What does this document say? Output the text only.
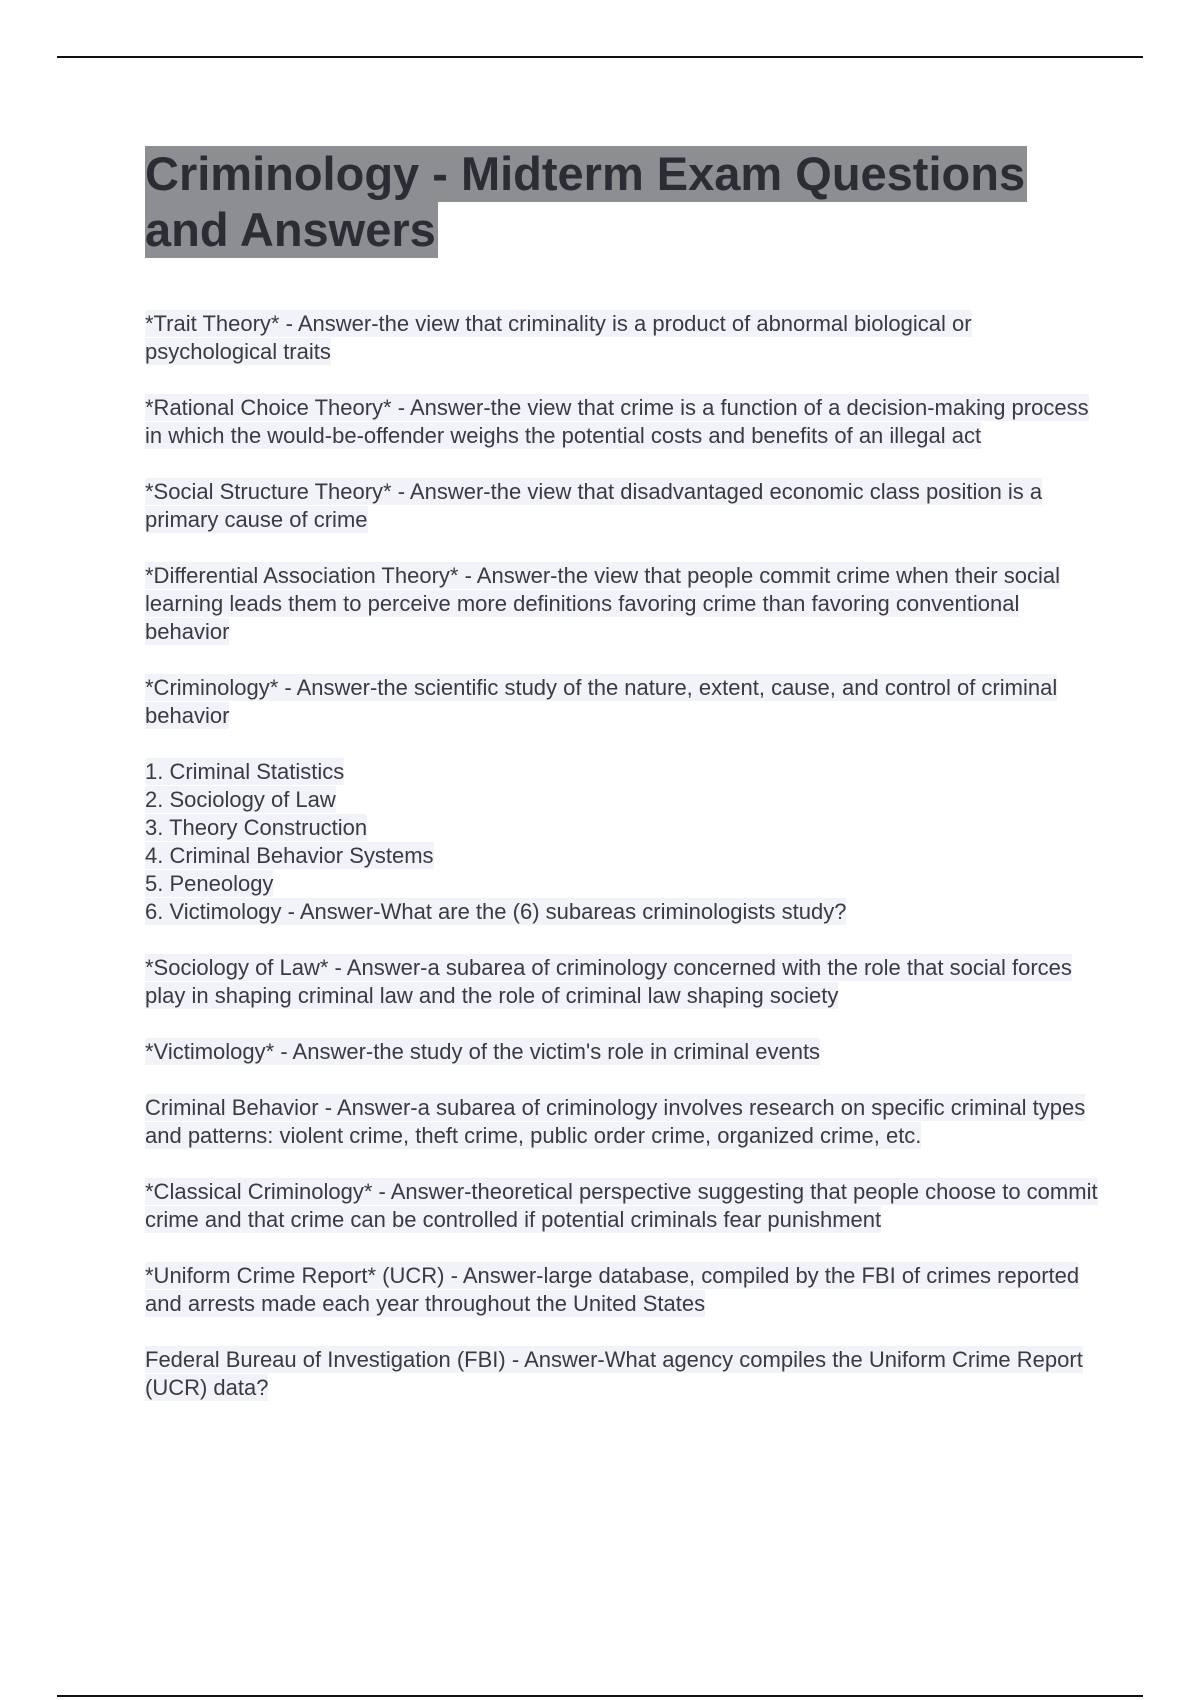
Criminology - Midterm Exam Questions
and Answers

*Trait Theory* - Answer-the view that criminality is a product of abnormal biological or psychological traits

*Rational Choice Theory* - Answer-the view that crime is a function of a decision-making process in which the would-be-offender weighs the potential costs and benefits of an illegal act

*Social Structure Theory* - Answer-the view that disadvantaged economic class position is a primary cause of crime

*Differential Association Theory* - Answer-the view that people commit crime when their social learning leads them to perceive more definitions favoring crime than favoring conventional behavior

*Criminology* - Answer-the scientific study of the nature, extent, cause, and control of criminal behavior

1. Criminal Statistics
2. Sociology of Law
3. Theory Construction
4. Criminal Behavior Systems
5. Peneology
6. Victimology - Answer-What are the (6) subareas criminologists study?

*Sociology of Law* - Answer-a subarea of criminology concerned with the role that social forces play in shaping criminal law and the role of criminal law shaping society

*Victimology* - Answer-the study of the victim's role in criminal events

Criminal Behavior - Answer-a subarea of criminology involves research on specific criminal types and patterns: violent crime, theft crime, public order crime, organized crime, etc.

*Classical Criminology* - Answer-theoretical perspective suggesting that people choose to commit crime and that crime can be controlled if potential criminals fear punishment

*Uniform Crime Report* (UCR) - Answer-large database, compiled by the FBI of crimes reported and arrests made each year throughout the United States

Federal Bureau of Investigation (FBI) - Answer-What agency compiles the Uniform Crime Report (UCR) data?
